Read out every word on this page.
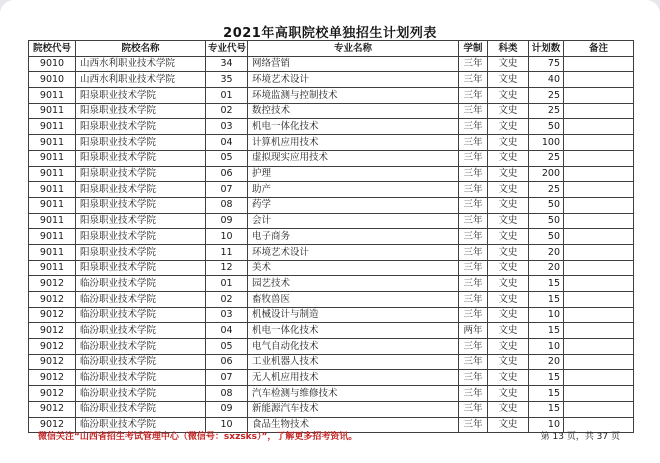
2021年高职院校单独招生计划列表
院校代号	院校名称	专业代号	专业名称	学制	科类	计划数	备注
9010	山西水利职业技术学院	34	网络营销	三年	文史	75	
9010	山西水利职业技术学院	35	环境艺术设计	三年	文史	40	
9011	阳泉职业技术学院	01	环境监测与控制技术	三年	文史	25	
9011	阳泉职业技术学院	02	数控技术	三年	文史	25	
9011	阳泉职业技术学院	03	机电一体化技术	三年	文史	50	
9011	阳泉职业技术学院	04	计算机应用技术	三年	文史	100	
9011	阳泉职业技术学院	05	虚拟现实应用技术	三年	文史	25	
9011	阳泉职业技术学院	06	护理	三年	文史	200	
9011	阳泉职业技术学院	07	助产	三年	文史	25	
9011	阳泉职业技术学院	08	药学	三年	文史	50	
9011	阳泉职业技术学院	09	会计	三年	文史	50	
9011	阳泉职业技术学院	10	电子商务	三年	文史	50	
9011	阳泉职业技术学院	11	环境艺术设计	三年	文史	20	
9011	阳泉职业技术学院	12	美术	三年	文史	20	
9012	临汾职业技术学院	01	园艺技术	三年	文史	15	
9012	临汾职业技术学院	02	畜牧兽医	三年	文史	15	
9012	临汾职业技术学院	03	机械设计与制造	三年	文史	10	
9012	临汾职业技术学院	04	机电一体化技术	两年	文史	15	
9012	临汾职业技术学院	05	电气自动化技术	三年	文史	10	
9012	临汾职业技术学院	06	工业机器人技术	三年	文史	20	
9012	临汾职业技术学院	07	无人机应用技术	三年	文史	15	
9012	临汾职业技术学院	08	汽车检测与维修技术	三年	文史	15	
9012	临汾职业技术学院	09	新能源汽车技术	三年	文史	15	
9012	临汾职业技术学院	10	食品生物技术	三年	文史	10	
微信关注“山西省招生考试管理中心（微信号：sxzsks）”，了解更多招考资讯。	第 13 页，共 37 页
